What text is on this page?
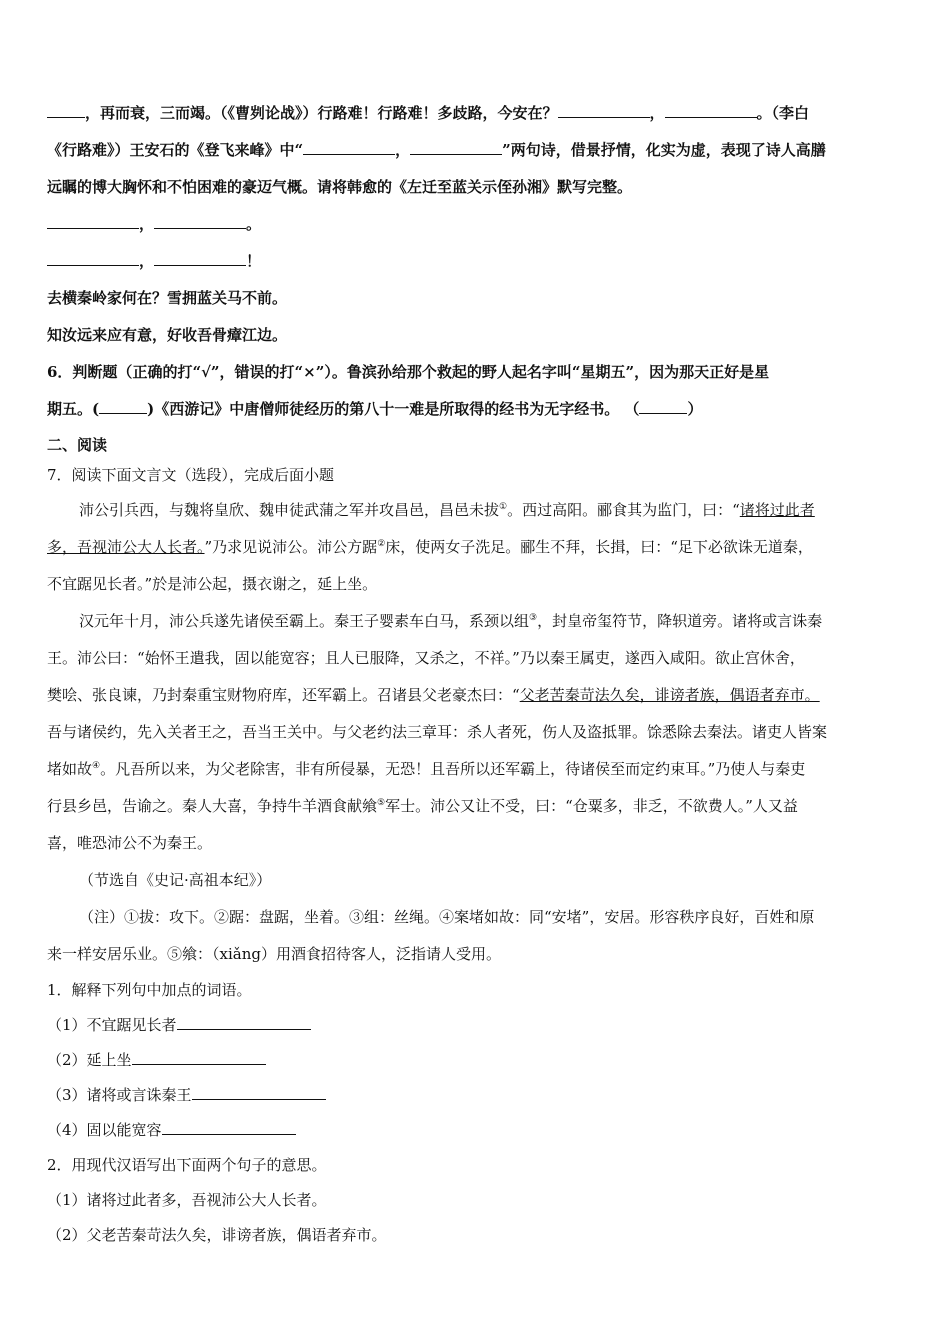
，再而衰，三而竭。（《曹刿论战》）行路难！行路难！多歧路，今安在？	，	。（李白
《行路难》）王安石的《登飞来峰》中“	，	”两句诗，借景抒情，化实为虚，表现了诗人高膳
远瞩的博大胸怀和不怕困难的豪迈气概。请将韩愈的《左迁至蓝关示侄孙湘》默写完整。
，	。
，	！
去横秦岭家何在？雪拥蓝关马不前。
知汝远来应有意，好收吾骨瘴江边。
6．判断题（正确的打“√”，错误的打“×”）。鲁滨孙给那个救起的野人起名字叫“星期五”，因为那天正好是星
期五。(	)《西游记》中唐僧师徒经历的第八十一难是所取得的经书为无字经书。 （	）
二、阅读
7．阅读下面文言文（选段），完成后面小题
沛公引兵西，与魏将皇欣、魏申徒武蒲之军并攻昌邑，昌邑未拔①。西过高阳。郦食其为监门，曰：“诸将过此者
多，吾视沛公大人长者。”乃求见说沛公。沛公方踞②床，使两女子洗足。郦生不拜，长揖，曰：“足下必欲诛无道秦，
不宜踞见长者。”於是沛公起，摄衣谢之，延上坐。
汉元年十月，沛公兵遂先诸侯至霸上。秦王子婴素车白马，系颈以组③，封皇帝玺符节，降轵道旁。诸将或言诛秦
王。沛公曰：“始怀王遣我，固以能宽容；且人已服降，又杀之，不祥。”乃以秦王属吏，遂西入咸阳。欲止宫休舍，
樊哙、张良谏，乃封秦重宝财物府库，还军霸上。召诸县父老豪杰曰：“父老苦秦苛法久矣，诽谤者族，偶语者弃市。
吾与诸侯约，先入关者王之，吾当王关中。与父老约法三章耳：杀人者死，伤人及盗抵罪。馀悉除去秦法。诸吏人皆案
堵如故④。凡吾所以来，为父老除害，非有所侵暴，无恐！且吾所以还军霸上，待诸侯至而定约束耳。”乃使人与秦吏
行县乡邑，告谕之。秦人大喜，争持牛羊酒食献飨⑤军士。沛公又让不受，曰：“仓粟多，非乏，不欲费人。”人又益
喜，唯恐沛公不为秦王。
（节选自《史记·高祖本纪》）
（注）①拔：攻下。②踞：盘踞，坐着。③组：丝绳。④案堵如故：同“安堵”，安居。形容秩序良好，百姓和原
来一样安居乐业。⑤飨：（xiǎng）用酒食招待客人，泛指请人受用。
1．解释下列句中加点的词语。
（1）不宜踞见长者
（2）延上坐
（3）诸将或言诛秦王
（4）固以能宽容
2．用现代汉语写出下面两个句子的意思。
（1）诸将过此者多，吾视沛公大人长者。
（2）父老苦秦苛法久矣，诽谤者族，偶语者弃市。
